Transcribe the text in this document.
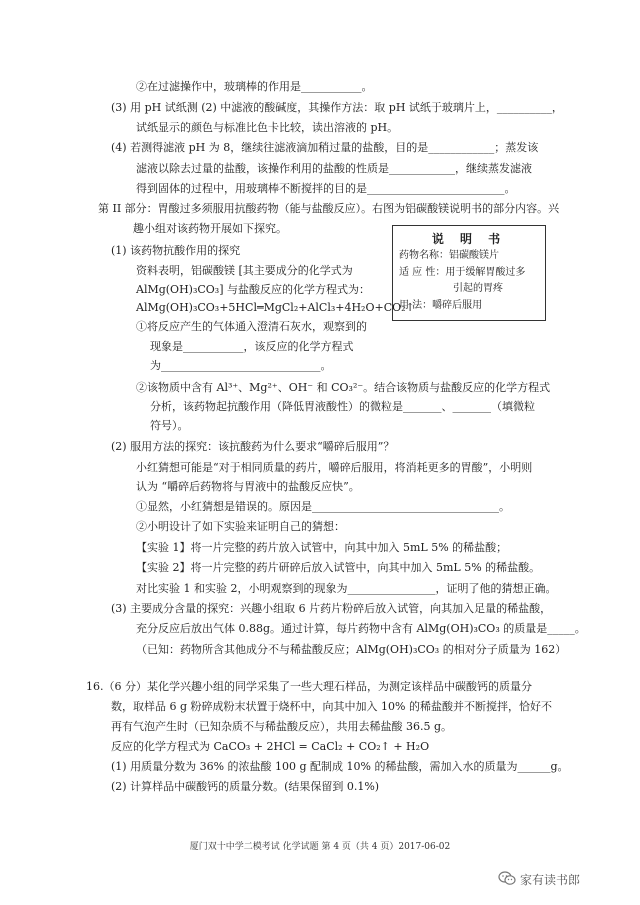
②在过滤操作中，玻璃棒的作用是___________。
(3) 用 pH 试纸测 (2) 中滤液的酸碱度，其操作方法：取 pH 试纸于玻璃片上，__________，
试纸显示的颜色与标准比色卡比较，读出溶液的 pH。
(4) 若测得滤液 pH 为 8，继续往滤液滴加稍过量的盐酸，目的是____________；蒸发该
滤液以除去过量的盐酸，该操作利用的盐酸的性质是____________，继续蒸发滤液
得到固体的过程中，用玻璃棒不断搅拌的目的是_________________________。
第 II 部分：胃酸过多须服用抗酸药物（能与盐酸反应）。右图为铝碳酸镁说明书的部分内容。兴
趣小组对该药物开展如下探究。
(1) 该药物抗酸作用的探究
资料表明，铝碳酸镁 [其主要成分的化学式为
AlMg(OH)₃CO₃] 与盐酸反应的化学方程式为：
AlMg(OH)₃CO₃+5HCl═MgCl₂+AlCl₃+4H₂O+CO₂↑
①将反应产生的气体通入澄清石灰水，观察到的
现象是___________，该反应的化学方程式
为_____________________________。
说 明 书
药物名称：铝碳酸镁片
适 应 性：用于缓解胃酸过多
引起的胃疼
用 法：嚼碎后服用
②该物质中含有 Al³⁺、Mg²⁺、OH⁻ 和 CO₃²⁻。结合该物质与盐酸反应的化学方程式
分析，该药物起抗酸作用（降低胃液酸性）的微粒是_______、_______（填微粒
符号）。
(2) 服用方法的探究：该抗酸药为什么要求“嚼碎后服用”？
小红猜想可能是“对于相同质量的药片，嚼碎后服用，将消耗更多的胃酸”，小明则
认为 “嚼碎后药物将与胃液中的盐酸反应快”。
①显然，小红猜想是错误的。原因是__________________________________。
②小明设计了如下实验来证明自己的猜想：
【实验 1】将一片完整的药片放入试管中，向其中加入 5mL 5% 的稀盐酸；
【实验 2】将一片完整的药片研碎后放入试管中，向其中加入 5mL 5% 的稀盐酸。
对比实验 1 和实验 2，小明观察到的现象为________________，证明了他的猜想正确。
(3) 主要成分含量的探究：兴趣小组取 6 片药片粉碎后放入试管，向其加入足量的稀盐酸，
充分反应后放出气体 0.88g。通过计算，每片药物中含有 AlMg(OH)₃CO₃ 的质量是_____。
（已知：药物所含其他成分不与稀盐酸反应；AlMg(OH)₃CO₃ 的相对分子质量为 162）
16.（6 分）某化学兴趣小组的同学采集了一些大理石样品，为测定该样品中碳酸钙的质量分
数，取样品 6 g 粉碎成粉末状置于烧杯中，向其中加入 10% 的稀盐酸并不断搅拌，恰好不
再有气泡产生时（已知杂质不与稀盐酸反应），共用去稀盐酸 36.5 g。
反应的化学方程式为 CaCO₃ + 2HCl = CaCl₂ + CO₂↑ + H₂O
(1) 用质量分数为 36% 的浓盐酸 100 g 配制成 10% 的稀盐酸，需加入水的质量为______g。
(2) 计算样品中碳酸钙的质量分数。(结果保留到 0.1%)
厦门双十中学二模考试 化学试题 第 4 页（共 4 页）2017-06-02
家有读书郎
